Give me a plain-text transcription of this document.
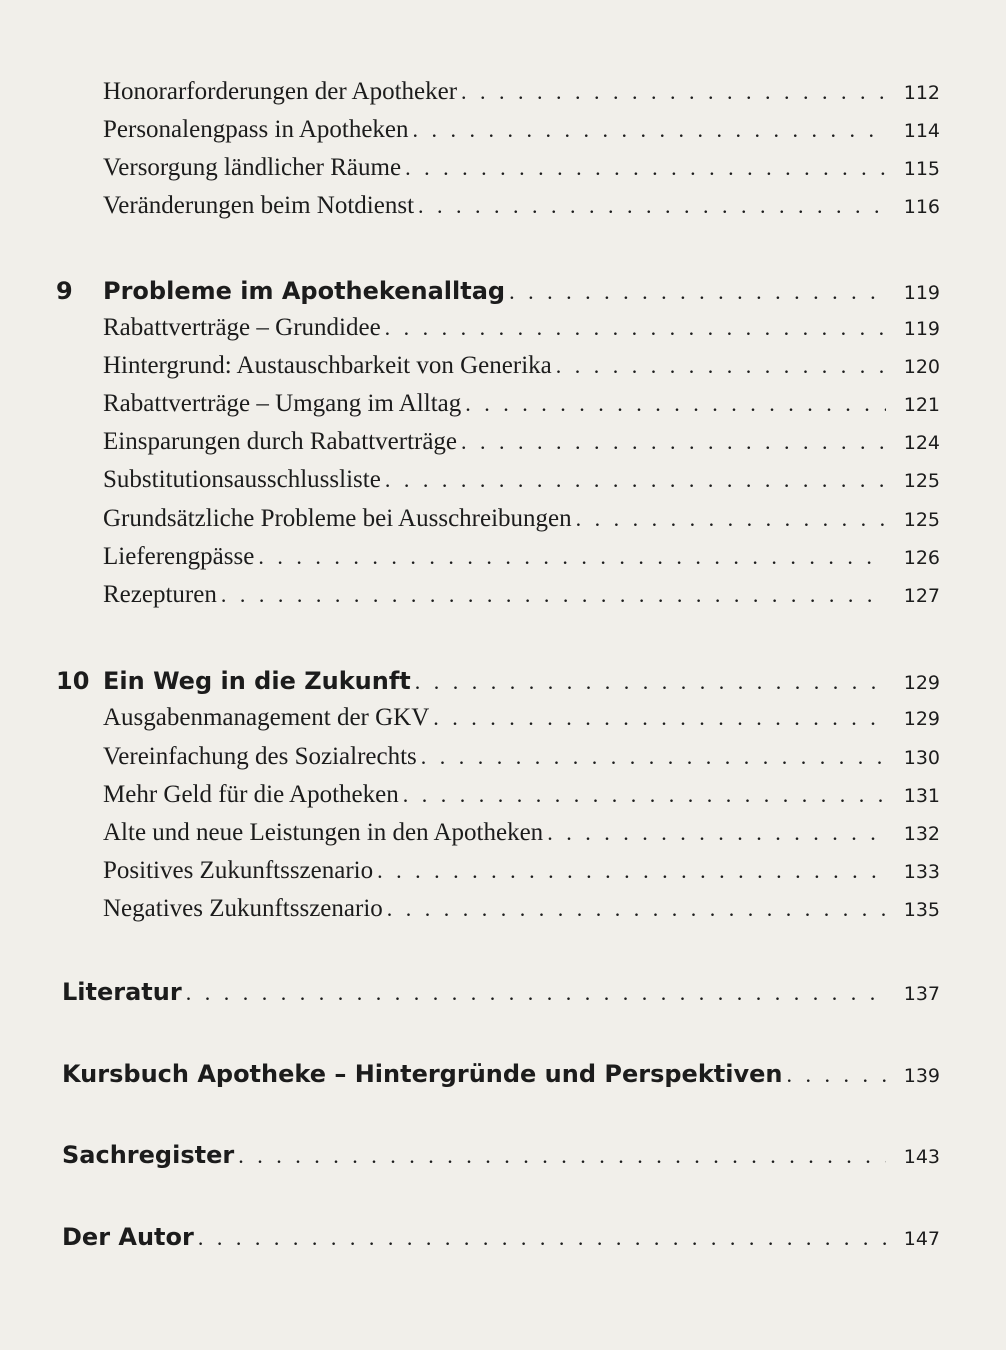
Honorarforderungen der Apotheker . . .	112
Personalengpass in Apotheken . . .	114
Versorgung ländlicher Räume . . .	115
Veränderungen beim Notdienst . . .	116
9	Probleme im Apothekenalltag . . .	119
Rabattverträge – Grundidee . . .	119
Hintergrund: Austauschbarkeit von Generika . . .	120
Rabattverträge – Umgang im Alltag . . .	121
Einsparungen durch Rabattverträge . . .	124
Substitutionsausschlussliste . . .	125
Grundsätzliche Probleme bei Ausschreibungen . . .	125
Lieferengpässe . . .	126
Rezepturen . . .	127
10 Ein Weg in die Zukunft . . .	129
Ausgabenmanagement der GKV . . .	129
Vereinfachung des Sozialrechts . . .	130
Mehr Geld für die Apotheken . . .	131
Alte und neue Leistungen in den Apotheken . . .	132
Positives Zukunftsszenario . . .	133
Negatives Zukunftsszenario . . .	135
Literatur . . .	137
Kursbuch Apotheke – Hintergründe und Perspektiven . . .	139
Sachregister . . .	143
Der Autor . . .	147
